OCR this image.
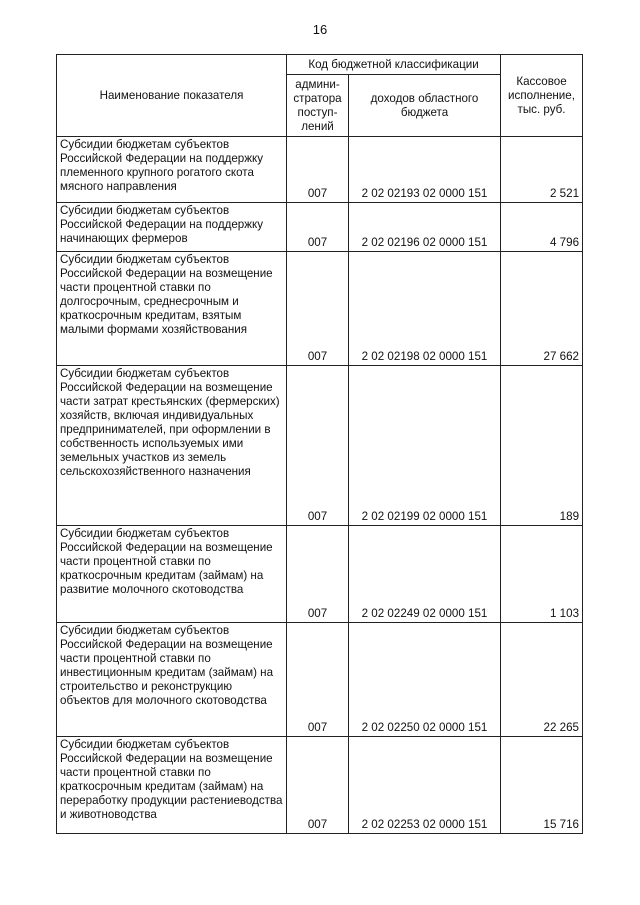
16
Наименование показателя	Код бюджетной классификации		Кассовое исполнение, тыс. руб.
	админи-стратора поступ-лений	доходов областного бюджета	
Субсидии бюджетам субъектов Российской Федерации на поддержку племенного крупного рогатого скота мясного направления	007	2 02 02193 02 0000 151	2 521
Субсидии бюджетам субъектов Российской Федерации на поддержку начинающих фермеров	007	2 02 02196 02 0000 151	4 796
Субсидии бюджетам субъектов Российской Федерации на возмещение части процентной ставки по долгосрочным, среднесрочным и краткосрочным кредитам, взятым малыми формами хозяйствования	007	2 02 02198 02 0000 151	27 662
Субсидии бюджетам субъектов Российской Федерации на возмещение части затрат крестьянских (фермерских) хозяйств, включая индивидуальных предпринимателей, при оформлении в собственность используемых ими земельных участков из земель сельскохозяйственного назначения	007	2 02 02199 02 0000 151	189
Субсидии бюджетам субъектов Российской Федерации на возмещение части процентной ставки по краткосрочным кредитам (займам) на развитие молочного скотоводства	007	2 02 02249 02 0000 151	1 103
Субсидии бюджетам субъектов Российской Федерации на возмещение части процентной ставки по инвестиционным кредитам (займам) на строительство и реконструкцию объектов для молочного скотоводства	007	2 02 02250 02 0000 151	22 265
Субсидии бюджетам субъектов Российской Федерации на возмещение части процентной ставки по краткосрочным кредитам (займам) на переработку продукции растениеводства и животноводства	007	2 02 02253 02 0000 151	15 716
